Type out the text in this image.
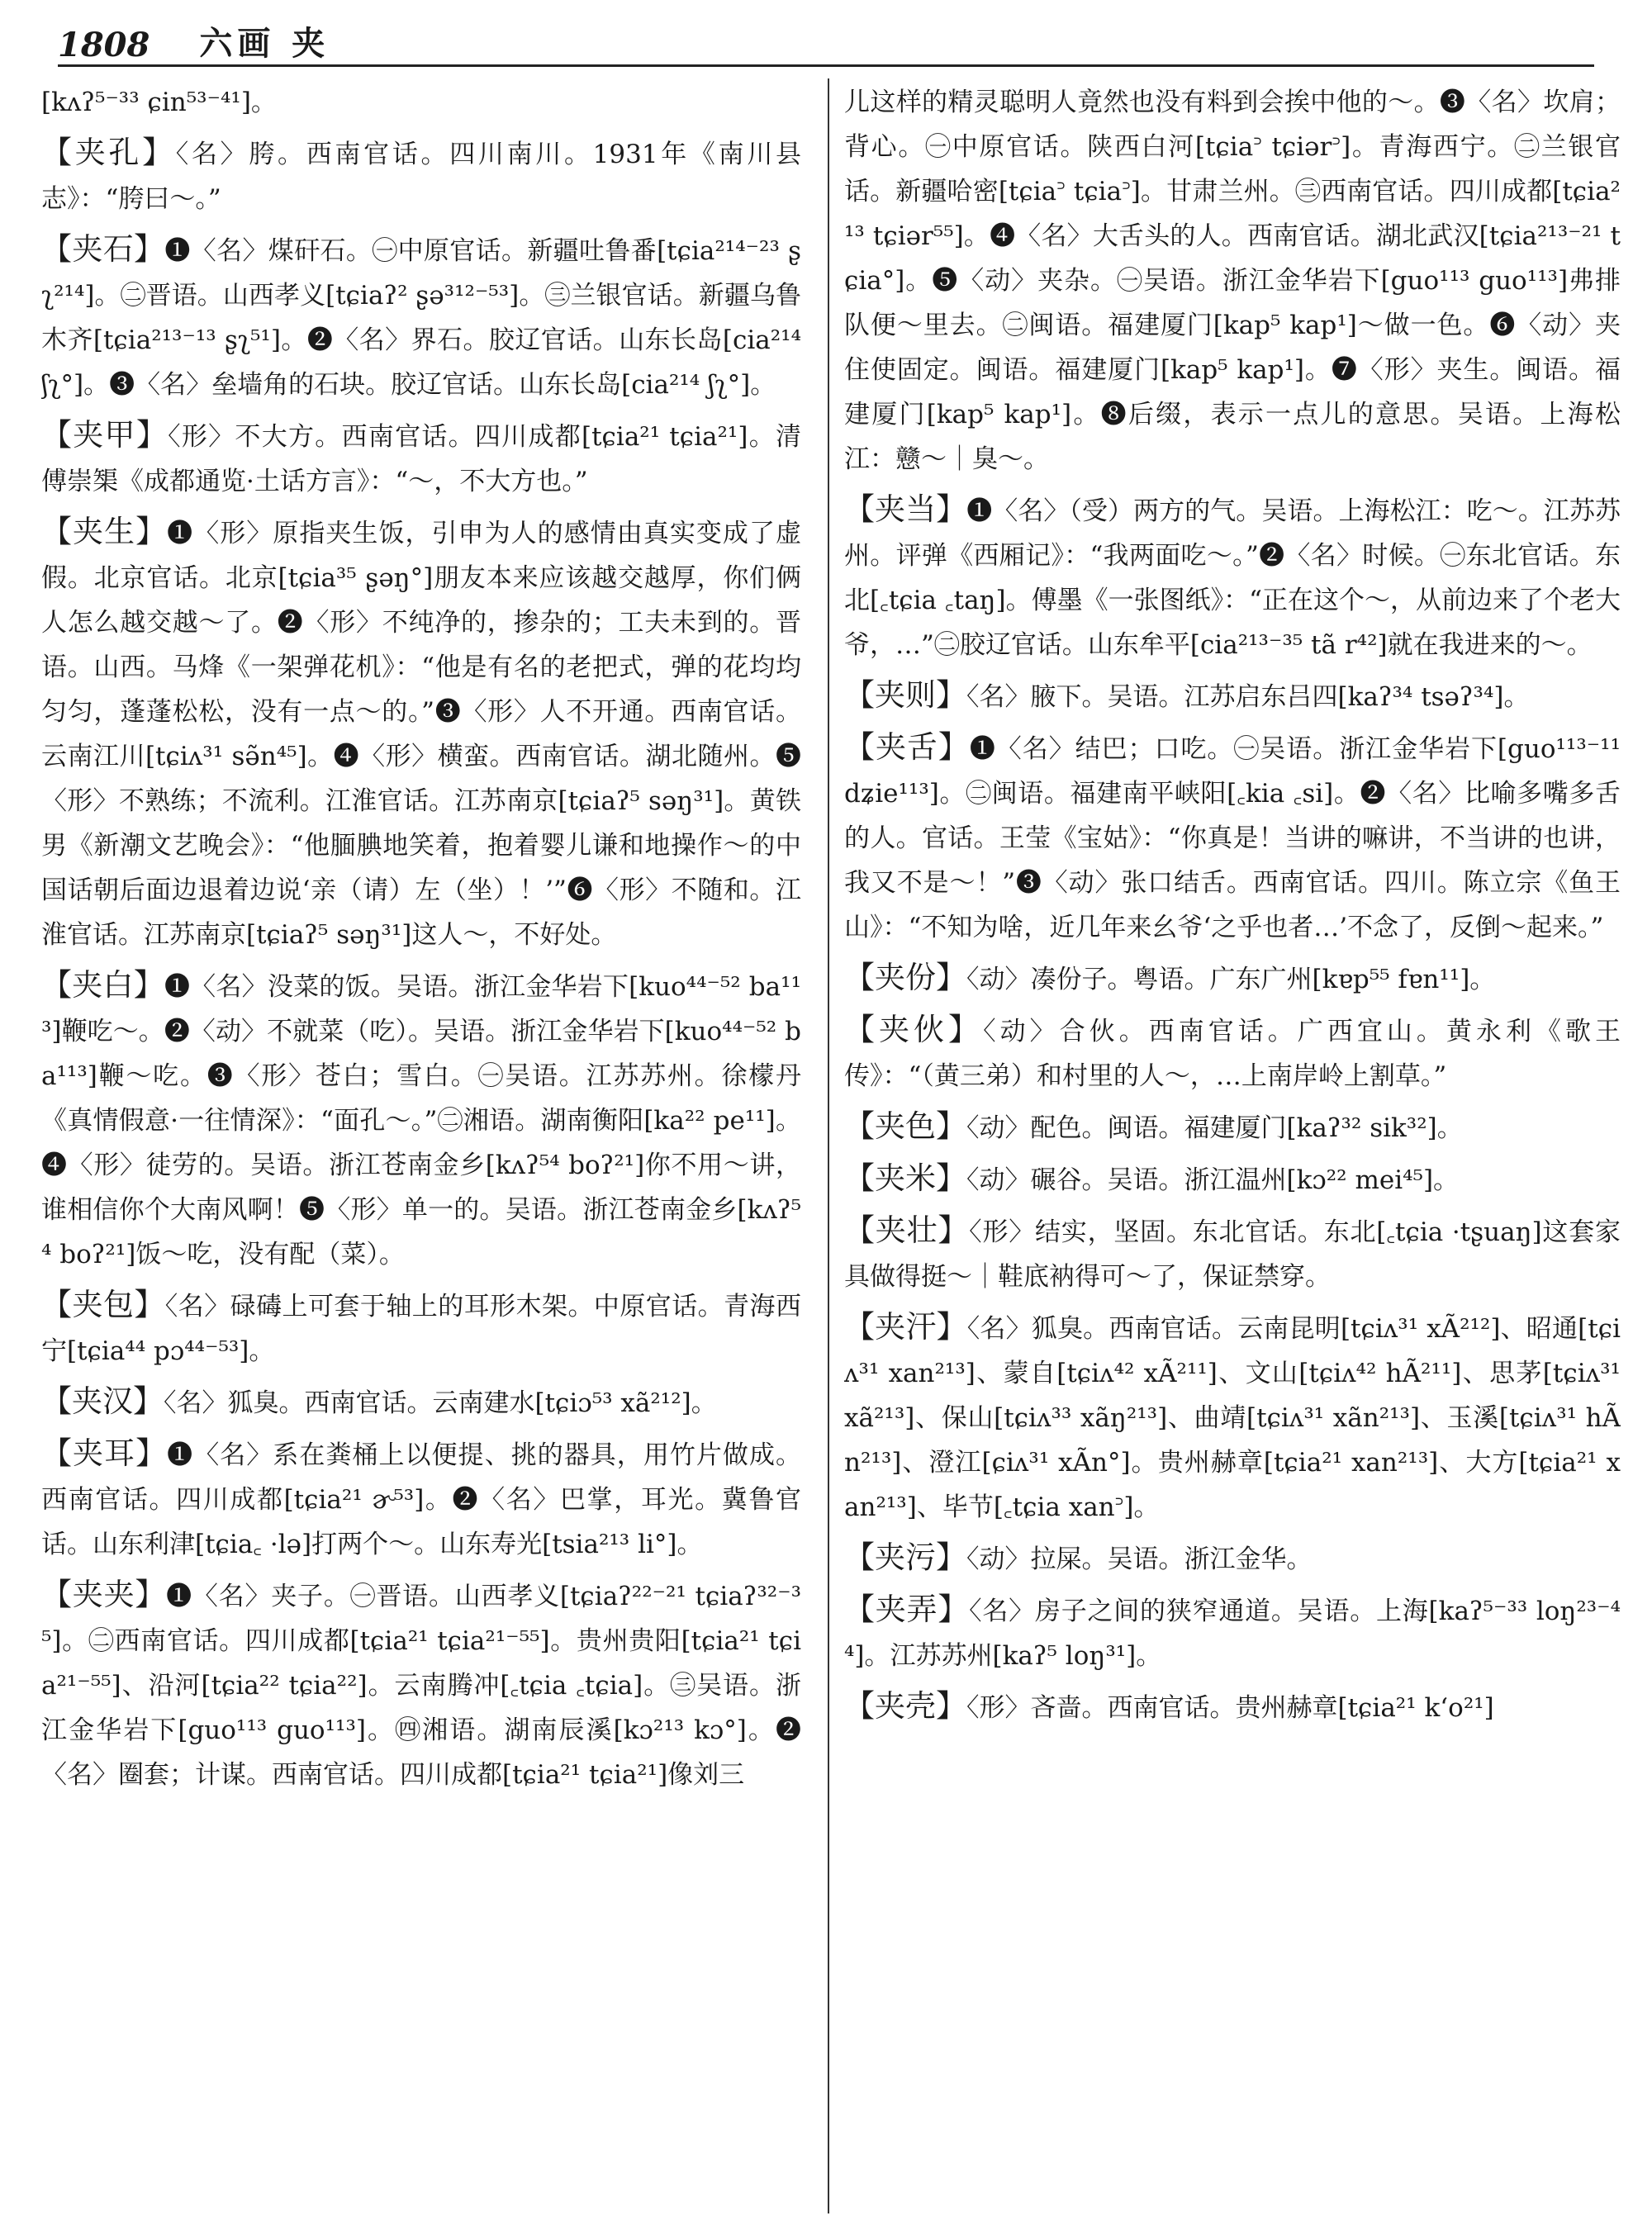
1808 六画 夹

[kʌʔ⁵⁻³³ ɕin⁵³⁻⁴¹]。

【夹孔】〈名〉胯。西南官话。四川南川。1931年《南川县志》：“胯曰～。”

【夹石】❶〈名〉煤矸石。㊀中原官话。新疆吐鲁番[tɕia²¹⁴⁻²³ ʂʅ²¹⁴]。㊁晋语。山西孝义[tɕiaʔ² ʂə³¹²⁻⁵³]。㊂兰银官话。新疆乌鲁木齐[tɕia²¹³⁻¹³ ʂʅ⁵¹]。❷〈名〉界石。胶辽官话。山东长岛[cia²¹⁴ ʃʅ°]。❸〈名〉垒墙角的石块。胶辽官话。山东长岛[cia²¹⁴ ʃʅ°]。

【夹甲】〈形〉不大方。西南官话。四川成都[tɕia²¹ tɕia²¹]。清傅崇榘《成都通览·土话方言》：“～，不大方也。”

【夹生】❶〈形〉原指夹生饭，引申为人的感情由真实变成了虚假。北京官话。北京[tɕia³⁵ ʂəŋ°]朋友本来应该越交越厚，你们俩人怎么越交越～了。❷〈形〉不纯净的，掺杂的；工夫未到的。晋语。山西。马烽《一架弹花机》：“他是有名的老把式，弹的花均均匀匀，蓬蓬松松，没有一点～的。”❸〈形〉人不开通。西南官话。云南江川[tɕiʌ³¹ sə̃n⁴⁵]。❹〈形〉横蛮。西南官话。湖北随州。❺〈形〉不熟练；不流利。江淮官话。江苏南京[tɕiaʔ⁵ səŋ³¹]。黄铁男《新潮文艺晚会》：“他腼腆地笑着，抱着婴儿谦和地操作～的中国话朝后面边退着边说‘亲（请）左（坐）！’”❻〈形〉不随和。江淮官话。江苏南京[tɕiaʔ⁵ səŋ³¹]这人～，不好处。

【夹白】❶〈名〉没菜的饭。吴语。浙江金华岩下[kuo⁴⁴⁻⁵² ba¹¹³]鞭吃～。❷〈动〉不就菜（吃）。吴语。浙江金华岩下[kuo⁴⁴⁻⁵² ba¹¹³]鞭～吃。❸〈形〉苍白；雪白。㊀吴语。江苏苏州。徐檬丹《真情假意·一往情深》：“面孔～。”㊁湘语。湖南衡阳[ka²² pe¹¹]。❹〈形〉徒劳的。吴语。浙江苍南金乡[kʌʔ⁵⁴ boʔ²¹]你不用～讲，谁相信你个大南风啊！❺〈形〉单一的。吴语。浙江苍南金乡[kʌʔ⁵⁴ boʔ²¹]饭～吃，没有配（菜）。

【夹包】〈名〉碌碡上可套于轴上的耳形木架。中原官话。青海西宁[tɕia⁴⁴ pɔ⁴⁴⁻⁵³]。

【夹汉】〈名〉狐臭。西南官话。云南建水[tɕiɔ⁵³ xã²¹²]。

【夹耳】❶〈名〉系在粪桶上以便提、挑的器具，用竹片做成。西南官话。四川成都[tɕia²¹ ɚ⁵³]。❷〈名〉巴掌，耳光。冀鲁官话。山东利津[tɕia꜀ ·lə]打两个～。山东寿光[tsia²¹³ li°]。

【夹夹】❶〈名〉夹子。㊀晋语。山西孝义[tɕiaʔ²²⁻²¹ tɕiaʔ³²⁻³⁵]。㊁西南官话。四川成都[tɕia²¹ tɕia²¹⁻⁵⁵]。贵州贵阳[tɕia²¹ tɕia²¹⁻⁵⁵]、沿河[tɕia²² tɕia²²]。云南腾冲[꜀tɕia ꜀tɕia]。㊂吴语。浙江金华岩下[guo¹¹³ guo¹¹³]。㊃湘语。湖南辰溪[kɔ²¹³ kɔ°]。❷〈名〉圈套；计谋。西南官话。四川成都[tɕia²¹ tɕia²¹]像刘三

儿这样的精灵聪明人竟然也没有料到会挨中他的～。❸〈名〉坎肩；背心。㊀中原官话。陕西白河[tɕia꜄ tɕiər꜄]。青海西宁。㊁兰银官话。新疆哈密[tɕia꜄ tɕia꜄]。甘肃兰州。㊂西南官话。四川成都[tɕia²¹³ tɕiər⁵⁵]。❹〈名〉大舌头的人。西南官话。湖北武汉[tɕia²¹³⁻²¹ tɕia°]。❺〈动〉夹杂。㊀吴语。浙江金华岩下[guo¹¹³ guo¹¹³]弗排队便～里去。㊁闽语。福建厦门[kap⁵ kap¹]～做一色。❻〈动〉夹住使固定。闽语。福建厦门[kap⁵ kap¹]。❼〈形〉夹生。闽语。福建厦门[kap⁵ kap¹]。❽后缀，表示一点儿的意思。吴语。上海松江：戆～｜臭～。

【夹当】❶〈名〉（受）两方的气。吴语。上海松江：吃～。江苏苏州。评弹《西厢记》：“我两面吃～。”❷〈名〉时候。㊀东北官话。东北[꜀tɕia ꜀taŋ]。傅墨《一张图纸》：“正在这个～，从前边来了个老大爷，…”㊁胶辽官话。山东牟平[cia²¹³⁻³⁵ tã r⁴²]就在我进来的～。

【夹则】〈名〉腋下。吴语。江苏启东吕四[kaʔ³⁴ tsəʔ³⁴]。

【夹舌】❶〈名〉结巴；口吃。㊀吴语。浙江金华岩下[guo¹¹³⁻¹¹ dʑie¹¹³]。㊁闽语。福建南平峡阳[꜀kia ꜀si]。❷〈名〉比喻多嘴多舌的人。官话。王莹《宝姑》：“你真是！当讲的嘛讲，不当讲的也讲，我又不是～！”❸〈动〉张口结舌。西南官话。四川。陈立宗《鱼王山》：“不知为啥，近几年来幺爷‘之乎也者…’不念了，反倒～起来。”

【夹份】〈动〉凑份子。粤语。广东广州[kɐp⁵⁵ fɐn¹¹]。

【夹伙】〈动〉合伙。西南官话。广西宜山。黄永利《歌王传》：“（黄三弟）和村里的人～，…上南岸岭上割草。”

【夹色】〈动〉配色。闽语。福建厦门[kaʔ³² sik³²]。

【夹米】〈动〉碾谷。吴语。浙江温州[kɔ²² mei⁴⁵]。

【夹壮】〈形〉结实，坚固。东北官话。东北[꜀tɕia ·tʂuaŋ]这套家具做得挺～｜鞋底衲得可～了，保证禁穿。

【夹汗】〈名〉狐臭。西南官话。云南昆明[tɕiʌ³¹ xÃ²¹²]、昭通[tɕiʌ³¹ xan²¹³]、蒙自[tɕiʌ⁴² xÃ²¹¹]、文山[tɕiʌ⁴² hÃ²¹¹]、思茅[tɕiʌ³¹ xã²¹³]、保山[tɕiʌ³³ xãŋ²¹³]、曲靖[tɕiʌ³¹ xãn²¹³]、玉溪[tɕiʌ³¹ hÃn²¹³]、澄江[ɕiʌ³¹ xÃn°]。贵州赫章[tɕia²¹ xan²¹³]、大方[tɕia²¹ xan²¹³]、毕节[꜀tɕia xan꜄]。

【夹污】〈动〉拉屎。吴语。浙江金华。

【夹弄】〈名〉房子之间的狭窄通道。吴语。上海[kaʔ⁵⁻³³ loŋ²³⁻⁴⁴]。江苏苏州[kaʔ⁵ loŋ³¹]。

【夹壳】〈形〉吝啬。西南官话。贵州赫章[tɕia²¹ k‘o²¹]
